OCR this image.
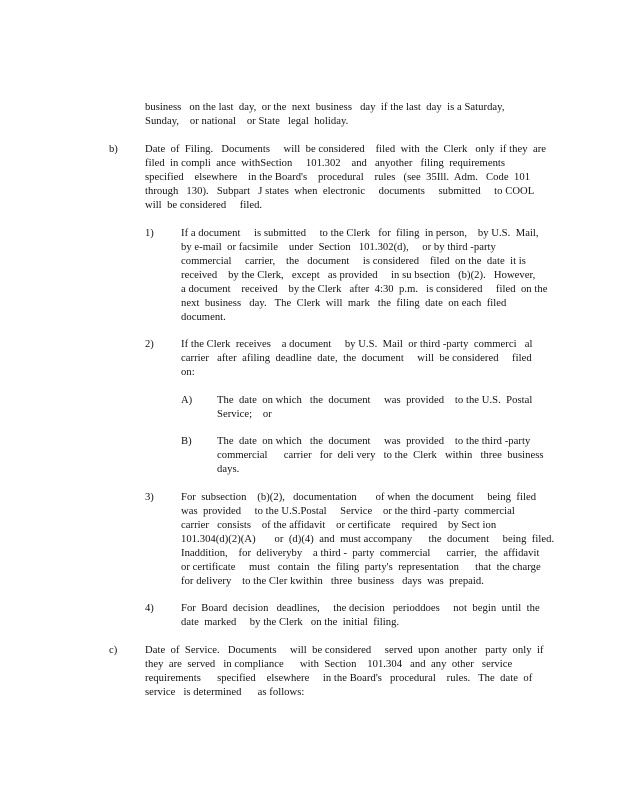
business   on the last  day,  or the  next  business   day  if the last  day  is a Saturday,
Sunday,    or national    or State   legal  holiday.
b)	Date  of  Filing.   Documents     will  be considered    filed  with  the  Clerk   only  if they  are
filed  in compli  ance  withSection     101.302    and   anyother   filing  requirements
specified    elsewhere    in the Board's    procedural    rules   (see  35Ill.  Adm.   Code  101
through   130).   Subpart   J states  when  electronic     documents     submitted     to COOL
will  be considered     filed.
1)	If a document     is submitted     to the Clerk   for  filing  in person,    by U.S.  Mail,
by e-mail  or facsimile    under  Section   101.302(d),     or by third -party
commercial     carrier,    the   document     is considered    filed  on the  date  it is
received    by the Clerk,   except   as provided     in su bsection   (b)(2).   However,
a document    received    by the Clerk   after  4:30  p.m.   is considered     filed  on the
next  business   day.   The  Clerk  will  mark   the  filing  date  on each  filed
document.
2)	If the Clerk  receives    a document     by U.S.  Mail  or third -party  commerci   al
carrier   after  afiling  deadline  date,  the  document     will  be considered     filed
on:
A) The  date  on which   the  document     was  provided    to the U.S.  Postal
Service;    or
B) The  date  on which   the  document     was  provided    to the third -party
commercial      carrier   for  deli very   to the  Clerk   within   three  business
days.
3)	For  subsection    (b)(2),   documentation       of when  the document     being  filed
was  provided     to the U.S.Postal     Service    or the third -party  commercial
carrier   consists    of the affidavit    or certificate    required    by Sect ion
101.304(d)(2)(A)       or  (d)(4)  and  must accompany      the  document     being  filed.
Inaddition,    for  deliveryby    a third -  party  commercial      carrier,   the  affidavit
or certificate     must   contain   the  filing  party's  representation      that  the charge
for delivery    to the Cler kwithin   three  business   days  was  prepaid.
4)	For  Board  decision   deadlines,     the decision   perioddoes     not  begin  until  the
date  marked     by the Clerk   on the  initial  filing.
c)	Date  of  Service.   Documents     will  be considered     served  upon  another   party  only  if
they  are  served   in compliance      with  Section    101.304   and  any  other   service
requirements      specified    elsewhere     in the Board's   procedural    rules.   The  date  of
service   is determined      as follows:
